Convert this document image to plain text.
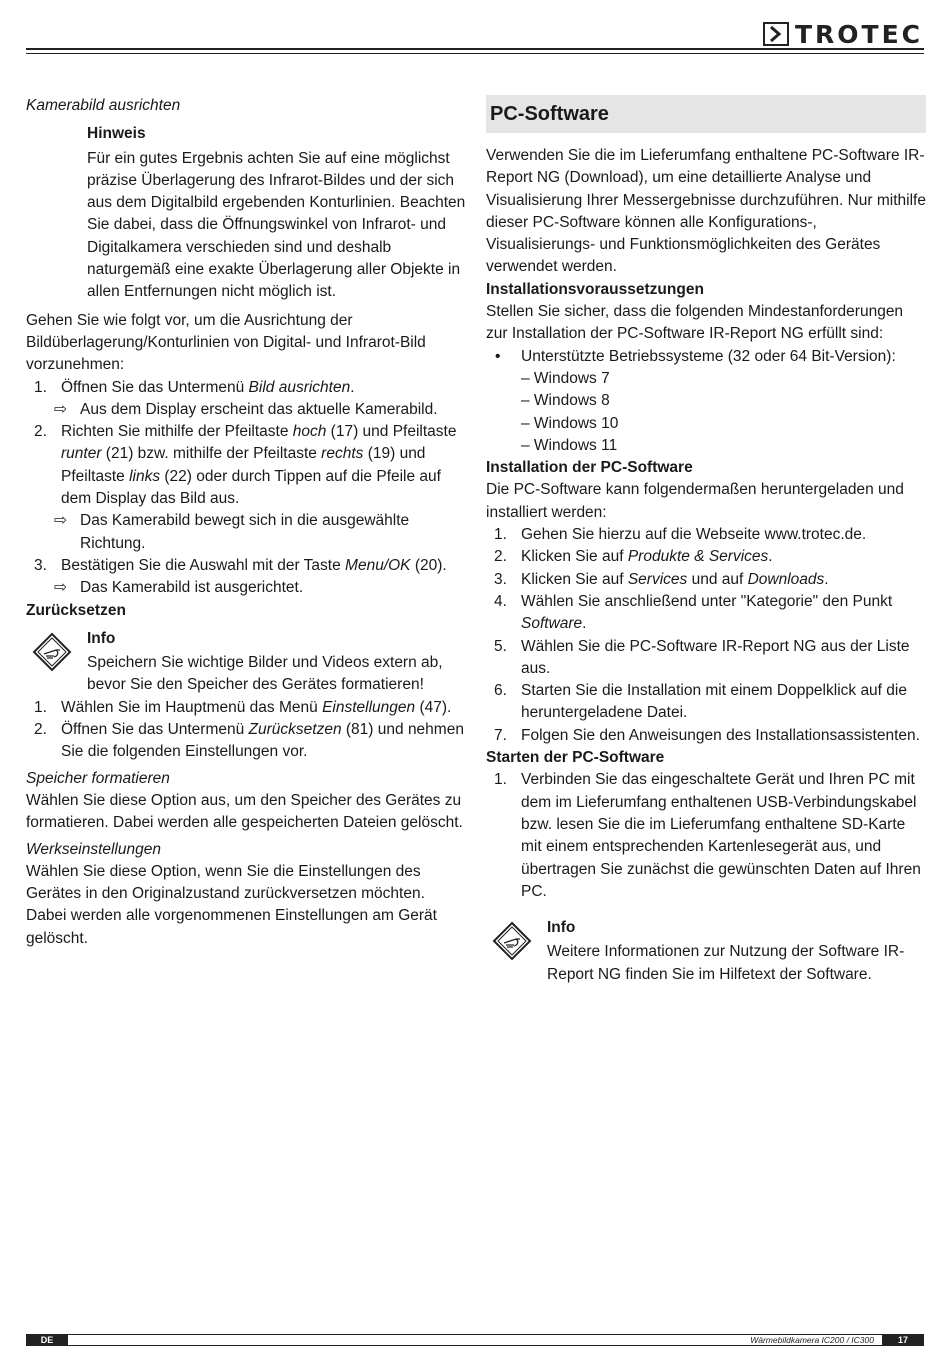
TROTEC

Kamerabild ausrichten

Hinweis

Für ein gutes Ergebnis achten Sie auf eine möglichst präzise Überlagerung des Infrarot-Bildes und der sich aus dem Digitalbild ergebenden Konturlinien. Beachten Sie dabei, dass die Öffnungswinkel von Infrarot- und Digitalkamera verschieden sind und deshalb naturgemäß eine exakte Überlagerung aller Objekte in allen Entfernungen nicht möglich ist.

Gehen Sie wie folgt vor, um die Ausrichtung der Bildüberlagerung/Konturlinien von Digital- und Infrarot-Bild vorzunehmen:

1. Öffnen Sie das Untermenü Bild ausrichten.
⇨ Aus dem Display erscheint das aktuelle Kamerabild.
2. Richten Sie mithilfe der Pfeiltaste hoch (17) und Pfeiltaste runter (21) bzw. mithilfe der Pfeiltaste rechts (19) und Pfeiltaste links (22) oder durch Tippen auf die Pfeile auf dem Display das Bild aus.
⇨ Das Kamerabild bewegt sich in die ausgewählte Richtung.
3. Bestätigen Sie die Auswahl mit der Taste Menu/OK (20).
⇨ Das Kamerabild ist ausgerichtet.

Zurücksetzen

Info

Speichern Sie wichtige Bilder und Videos extern ab, bevor Sie den Speicher des Gerätes formatieren!

1. Wählen Sie im Hauptmenü das Menü Einstellungen (47).
2. Öffnen Sie das Untermenü Zurücksetzen (81) und nehmen Sie die folgenden Einstellungen vor.

Speicher formatieren

Wählen Sie diese Option aus, um den Speicher des Gerätes zu formatieren. Dabei werden alle gespeicherten Dateien gelöscht.

Werkseinstellungen

Wählen Sie diese Option, wenn Sie die Einstellungen des Gerätes in den Originalzustand zurückversetzen möchten. Dabei werden alle vorgenommenen Einstellungen am Gerät gelöscht.

PC-Software

Verwenden Sie die im Lieferumfang enthaltene PC-Software IR-Report NG (Download), um eine detaillierte Analyse und Visualisierung Ihrer Messergebnisse durchzuführen. Nur mithilfe dieser PC-Software können alle Konfigurations-, Visualisierungs- und Funktionsmöglichkeiten des Gerätes verwendet werden.

Installationsvoraussetzungen

Stellen Sie sicher, dass die folgenden Mindestanforderungen zur Installation der PC-Software IR-Report NG erfüllt sind:

• Unterstützte Betriebssysteme (32 oder 64 Bit-Version):
– Windows 7
– Windows 8
– Windows 10
– Windows 11

Installation der PC-Software

Die PC-Software kann folgendermaßen heruntergeladen und installiert werden:

1. Gehen Sie hierzu auf die Webseite www.trotec.de.
2. Klicken Sie auf Produkte & Services.
3. Klicken Sie auf Services und auf Downloads.
4. Wählen Sie anschließend unter "Kategorie" den Punkt Software.
5. Wählen Sie die PC-Software IR-Report NG aus der Liste aus.
6. Starten Sie die Installation mit einem Doppelklick auf die heruntergeladene Datei.
7. Folgen Sie den Anweisungen des Installationsassistenten.

Starten der PC-Software

1. Verbinden Sie das eingeschaltete Gerät und Ihren PC mit dem im Lieferumfang enthaltenen USB-Verbindungskabel bzw. lesen Sie die im Lieferumfang enthaltene SD-Karte mit einem entsprechenden Kartenlesegerät aus, und übertragen Sie zunächst die gewünschten Daten auf Ihren PC.
Info

Weitere Informationen zur Nutzung der Software IR-Report NG finden Sie im Hilfetext der Software.

DE	Wärmebildkamera IC200 / IC300	17
